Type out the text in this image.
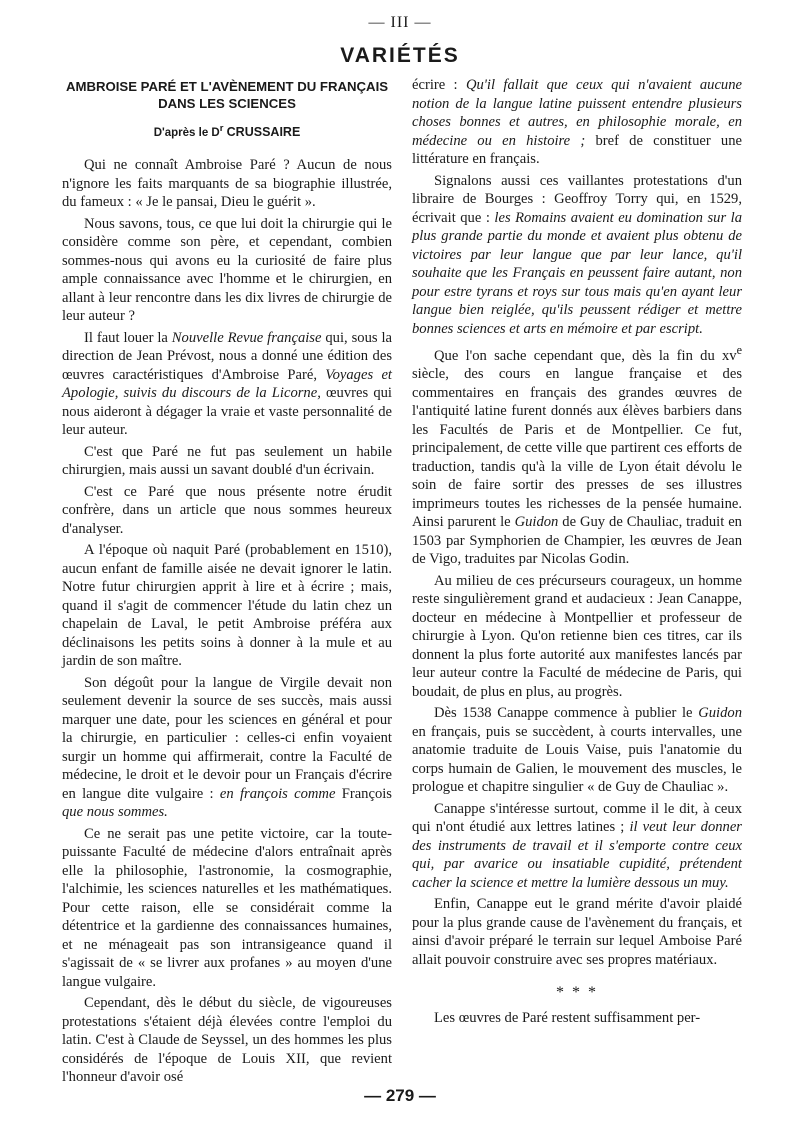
— III —
VARIÉTÉS
AMBROISE PARÉ ET L'AVÈNEMENT DU FRANÇAIS DANS LES SCIENCES
D'après le $D^r$ CRUSSAIRE

Qui ne connaît Ambroise Paré ? Aucun de nous n'ignore les faits marquants de sa biographie illustrée, du fameux : « Je le pansai, Dieu le guérit ».

Nous savons, tous, ce que lui doit la chirurgie qui le considère comme son père, et cependant, combien sommes-nous qui avons eu la curiosité de faire plus ample connaissance avec l'homme et le chirurgien, en allant à leur rencontre dans les dix livres de chirurgie de leur auteur ?

Il faut louer la Nouvelle Revue française qui, sous la direction de Jean Prévost, nous a donné une édition des œuvres caractéristiques d'Ambroise Paré, Voyages et Apologie, suivis du discours de la Licorne, œuvres qui nous aideront à dégager la vraie et vaste personnalité de leur auteur.

C'est que Paré ne fut pas seulement un habile chirurgien, mais aussi un savant doublé d'un écrivain.

C'est ce Paré que nous présente notre érudit confrère, dans un article que nous sommes heureux d'analyser.

A l'époque où naquit Paré (probablement en 1510), aucun enfant de famille aisée ne devait ignorer le latin. Notre futur chirurgien apprit à lire et à écrire ; mais, quand il s'agit de commencer l'étude du latin chez un chapelain de Laval, le petit Ambroise préféra aux déclinaisons les petits soins à donner à la mule et au jardin de son maître.

Son dégoût pour la langue de Virgile devait non seulement devenir la source de ses succès, mais aussi marquer une date, pour les sciences en général et pour la chirurgie, en particulier : celles-ci enfin voyaient surgir un homme qui affirmerait, contre la Faculté de médecine, le droit et le devoir pour un Français d'écrire en langue dite vulgaire : en françois comme François que nous sommes.

Ce ne serait pas une petite victoire, car la toute-puissante Faculté de médecine d'alors entraînait après elle la philosophie, l'astronomie, la cosmographie, l'alchimie, les sciences naturelles et les mathématiques. Pour cette raison, elle se considérait comme la détentrice et la gardienne des connaissances humaines, et ne ménageait pas son intransigeance quand il s'agissait de « se livrer aux profanes » au moyen d'une langue vulgaire.

Cependant, dès le début du siècle, de vigoureuses protestations s'étaient déjà élevées contre l'emploi du latin. C'est à Claude de Seyssel, un des hommes les plus considérés de l'époque de Louis XII, que revient l'honneur d'avoir osé

écrire : Qu'il fallait que ceux qui n'avaient aucune notion de la langue latine puissent entendre plusieurs choses bonnes et autres, en philosophie morale, en médecine ou en histoire ; bref de constituer une littérature en français.

Signalons aussi ces vaillantes protestations d'un libraire de Bourges : Geoffroy Torry qui, en 1529, écrivait que : les Romains avaient eu domination sur la plus grande partie du monde et avaient plus obtenu de victoires par leur langue que par leur lance, qu'il souhaite que les Français en peussent faire autant, non pour estre tyrans et roys sur tous mais qu'en ayant leur langue bien reiglée, qu'ils peussent rédiger et mettre bonnes sciences et arts en mémoire et par escript.

Que l'on sache cependant que, dès la fin du $xv^e$ siècle, des cours en langue française et des commentaires en français des grandes œuvres de l'antiquité latine furent donnés aux élèves barbiers dans les Facultés de Paris et de Montpellier. Ce fut, principalement, de cette ville que partirent ces efforts de traduction, tandis qu'à la ville de Lyon était dévolu le soin de faire sortir des presses de ses illustres imprimeurs toutes les richesses de la pensée humaine. Ainsi parurent le Guidon de Guy de Chauliac, traduit en 1503 par Symphorien de Champier, les œuvres de Jean de Vigo, traduites par Nicolas Godin.

Au milieu de ces précurseurs courageux, un homme reste singulièrement grand et audacieux : Jean Canappe, docteur en médecine à Montpellier et professeur de chirurgie à Lyon. Qu'on retienne bien ces titres, car ils donnent la plus forte autorité aux manifestes lancés par leur auteur contre la Faculté de médecine de Paris, qui boudait, de plus en plus, au progrès.

Dès 1538 Canappe commence à publier le Guidon en français, puis se succèdent, à courts intervalles, une anatomie traduite de Louis Vaise, puis l'anatomie du corps humain de Galien, le mouvement des muscles, le prologue et chapitre singulier « de Guy de Chauliac ».

Canappe s'intéresse surtout, comme il le dit, à ceux qui n'ont étudié aux lettres latines ; il veut leur donner des instruments de travail et il s'emporte contre ceux qui, par avarice ou insatiable cupidité, prétendent cacher la science et mettre la lumière dessous un muy.

Enfin, Canappe eut le grand mérite d'avoir plaidé pour la plus grande cause de l'avènement du français, et ainsi d'avoir préparé le terrain sur lequel Amboise Paré allait pouvoir construire avec ses propres matériaux.

* * *

Les œuvres de Paré restent suffisamment per-

— 279 —
